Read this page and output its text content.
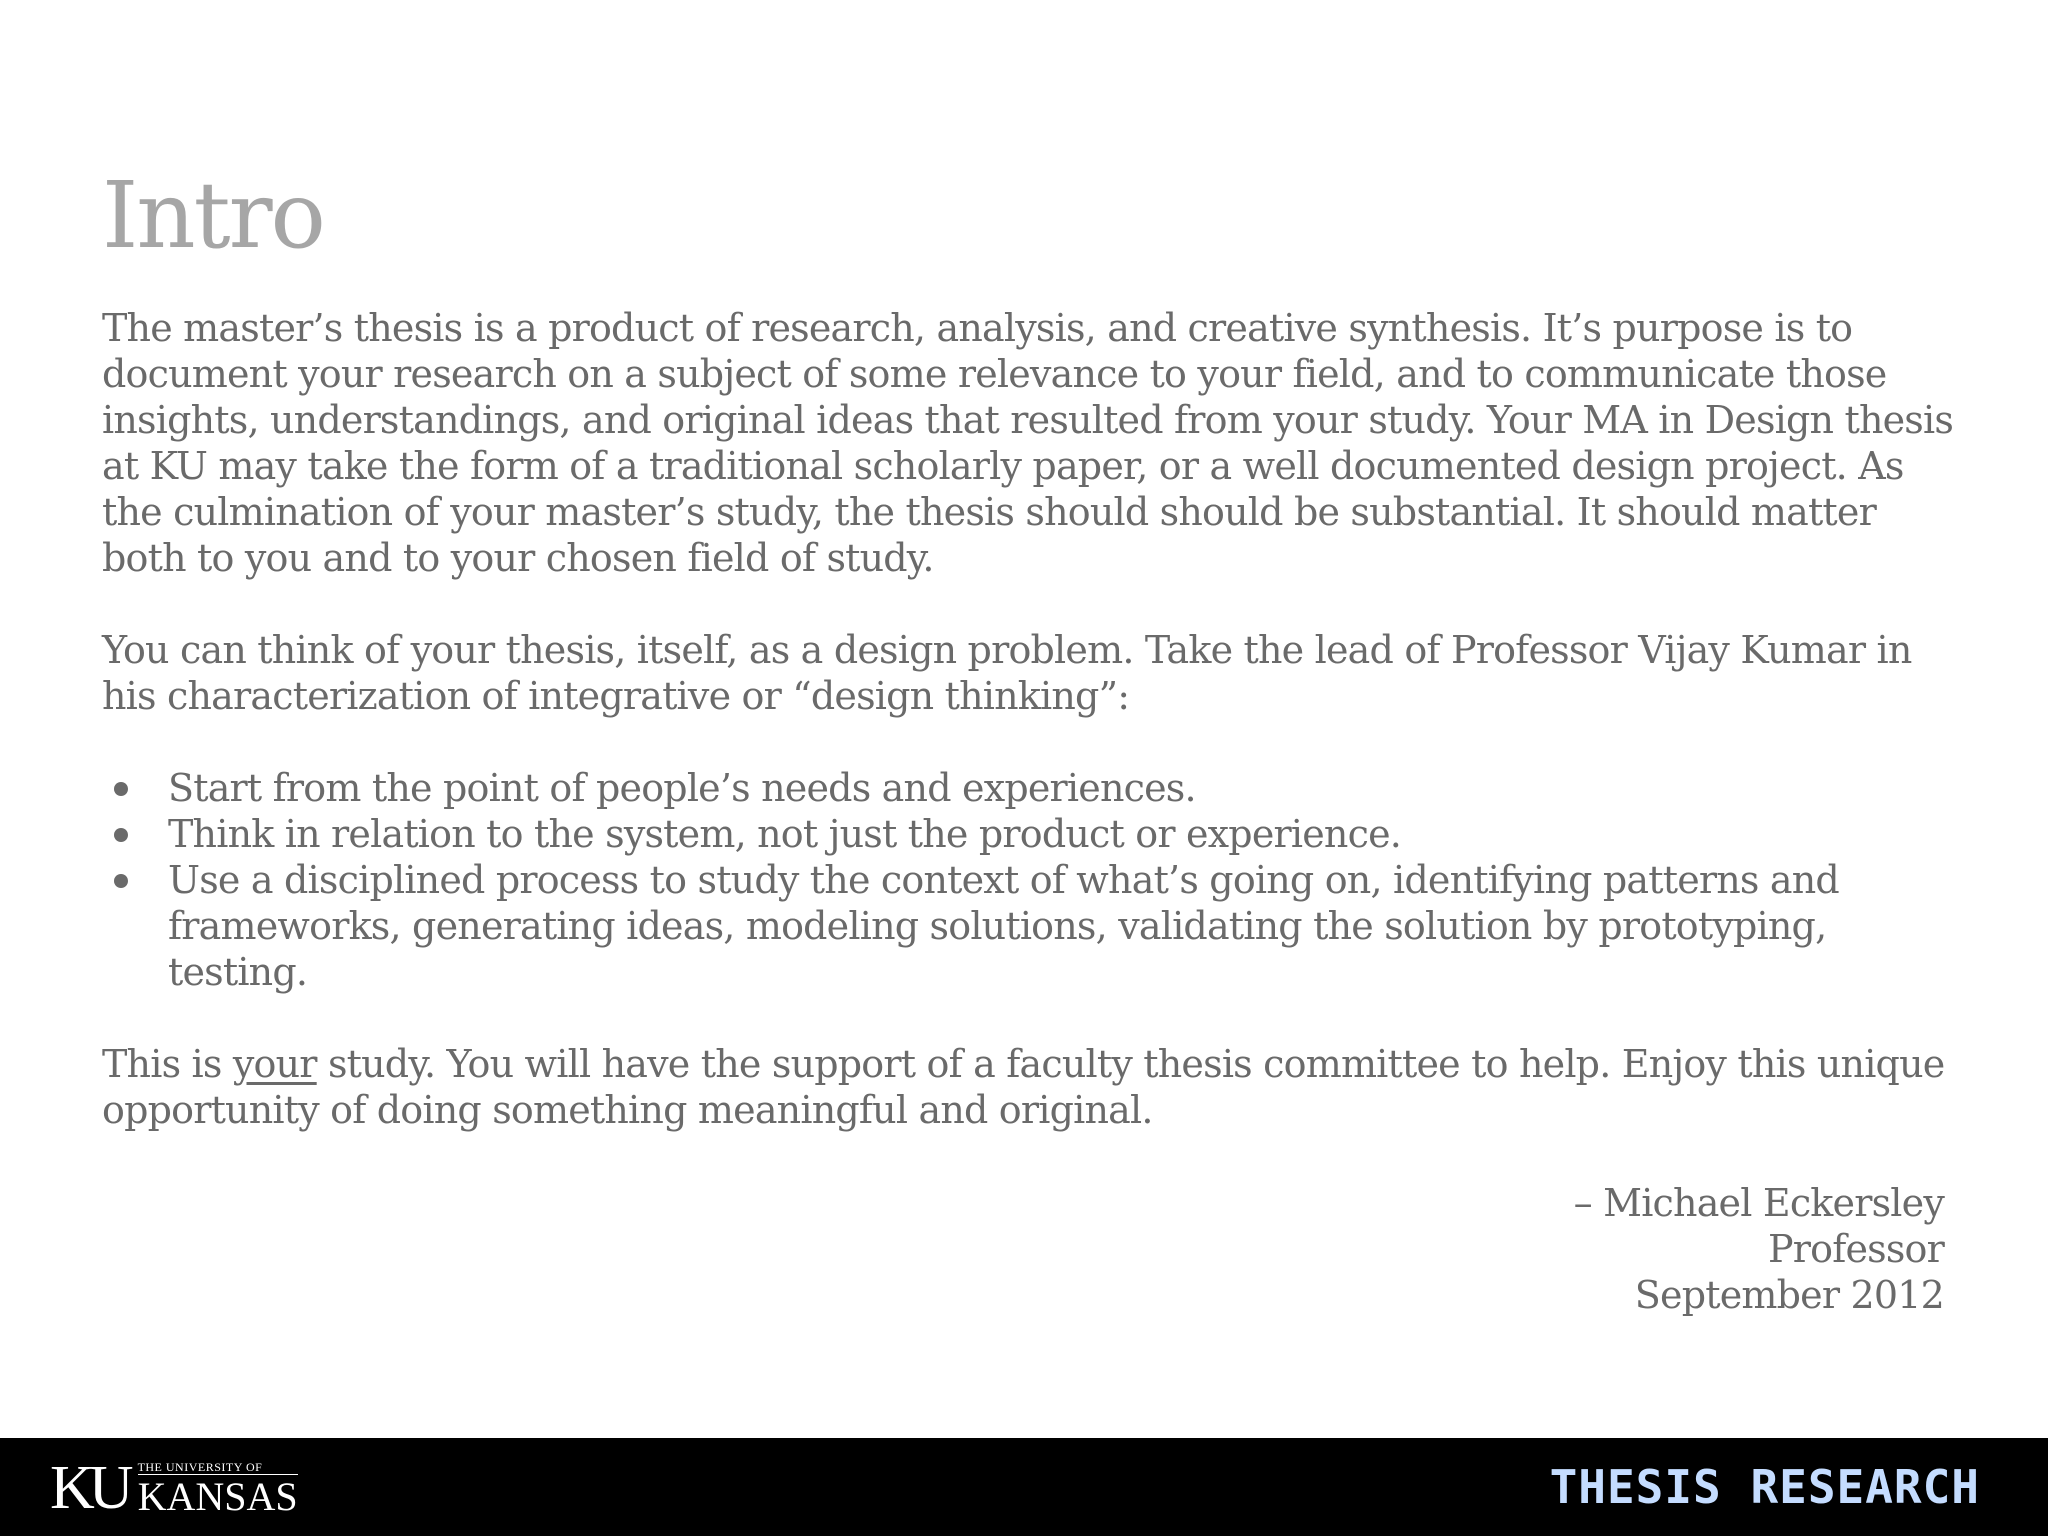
Intro

The master’s thesis is a product of research, analysis, and creative synthesis. It’s purpose is to document your research on a subject of some relevance to your field, and to communicate those insights, understandings, and original ideas that resulted from your study. Your MA in Design thesis at KU may take the form of a traditional scholarly paper, or a well documented design project. As the culmination of your master’s study, the thesis should should be substantial. It should matter both to you and to your chosen field of study.

You can think of your thesis, itself, as a design problem. Take the lead of Professor Vijay Kumar in his characterization of integrative or “design thinking”:

Start from the point of people’s needs and experiences.
Think in relation to the system, not just the product or experience.
Use a disciplined process to study the context of what’s going on, identifying patterns and frameworks, generating ideas, modeling solutions, validating the solution by prototyping, testing.

This is your study. You will have the support of a faculty thesis committee to help. Enjoy this unique opportunity of doing something meaningful and original.

– Michael Eckersley
Professor
September 2012
KU THE UNIVERSITY OF
KANSAS	THESIS RESEARCH
